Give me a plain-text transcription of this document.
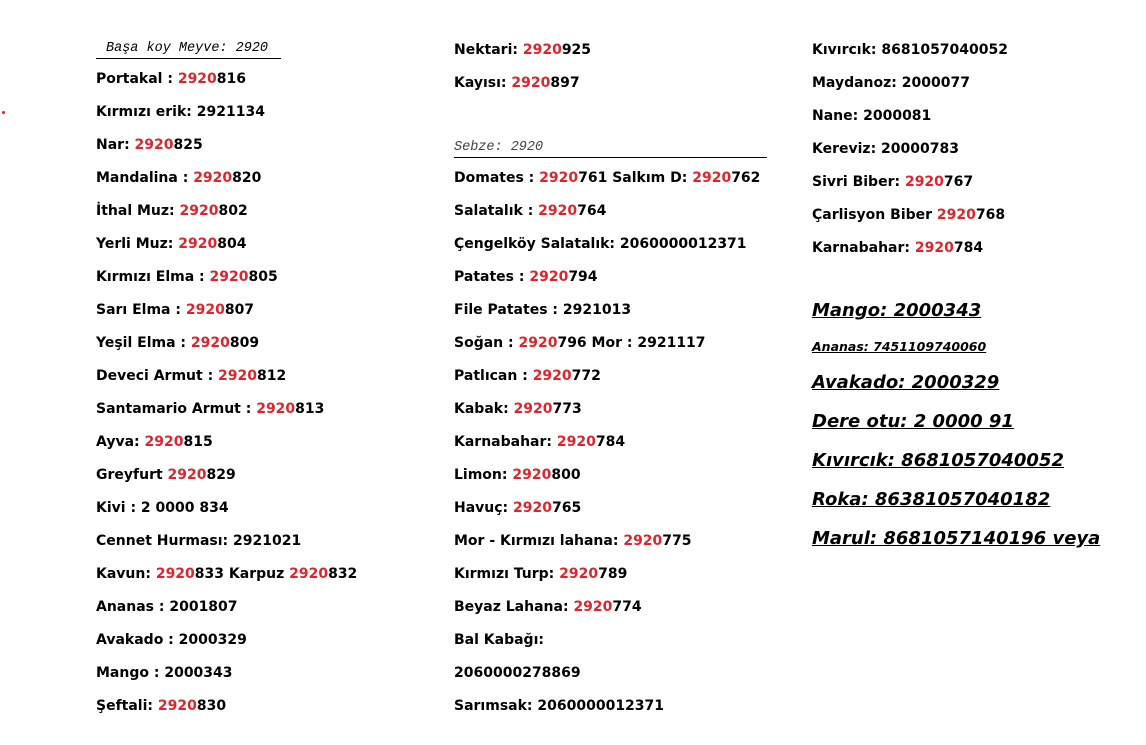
Başa koy Meyve: 2920
Portakal : 2920816
Kırmızı erik: 2921134
Nar: 2920825
Mandalina : 2920820
İthal Muz: 2920802
Yerli Muz: 2920804
Kırmızı Elma : 2920805
Sarı Elma : 2920807
Yeşil Elma : 2920809
Deveci Armut : 2920812
Santamario Armut : 2920813
Ayva: 2920815
Greyfurt 2920829
Kivi : 2 0000 834
Cennet Hurması: 2921021
Kavun: 2920833 Karpuz 2920832
Ananas : 2001807
Avakado : 2000329
Mango : 2000343
Şeftali: 2920830
Nektari: 2920925
Kayısı: 2920897
Sebze: 2920
Domates : 2920761 Salkım D: 2920762
Salatalık : 2920764
Çengelköy Salatalık: 2060000012371
Patates : 2920794
File Patates : 2921013
Soğan : 2920796 Mor : 2921117
Patlıcan : 2920772
Kabak: 2920773
Karnabahar: 2920784
Limon: 2920800
Havuç: 2920765
Mor - Kırmızı lahana: 2920775
Kırmızı Turp: 2920789
Beyaz Lahana: 2920774
Bal Kabağı:
2060000278869
Sarımsak: 2060000012371
Kıvırcık: 8681057040052
Maydanoz: 2000077
Nane: 2000081
Kereviz: 20000783
Sivri Biber: 2920767
Çarlisyon Biber 2920768
Karnabahar: 2920784
Mango: 2000343
Ananas: 7451109740060
Avakado: 2000329
Dere otu: 2 0000 91
Kıvırcık: 8681057040052
Roka: 86381057040182
Marul: 8681057140196 veya
